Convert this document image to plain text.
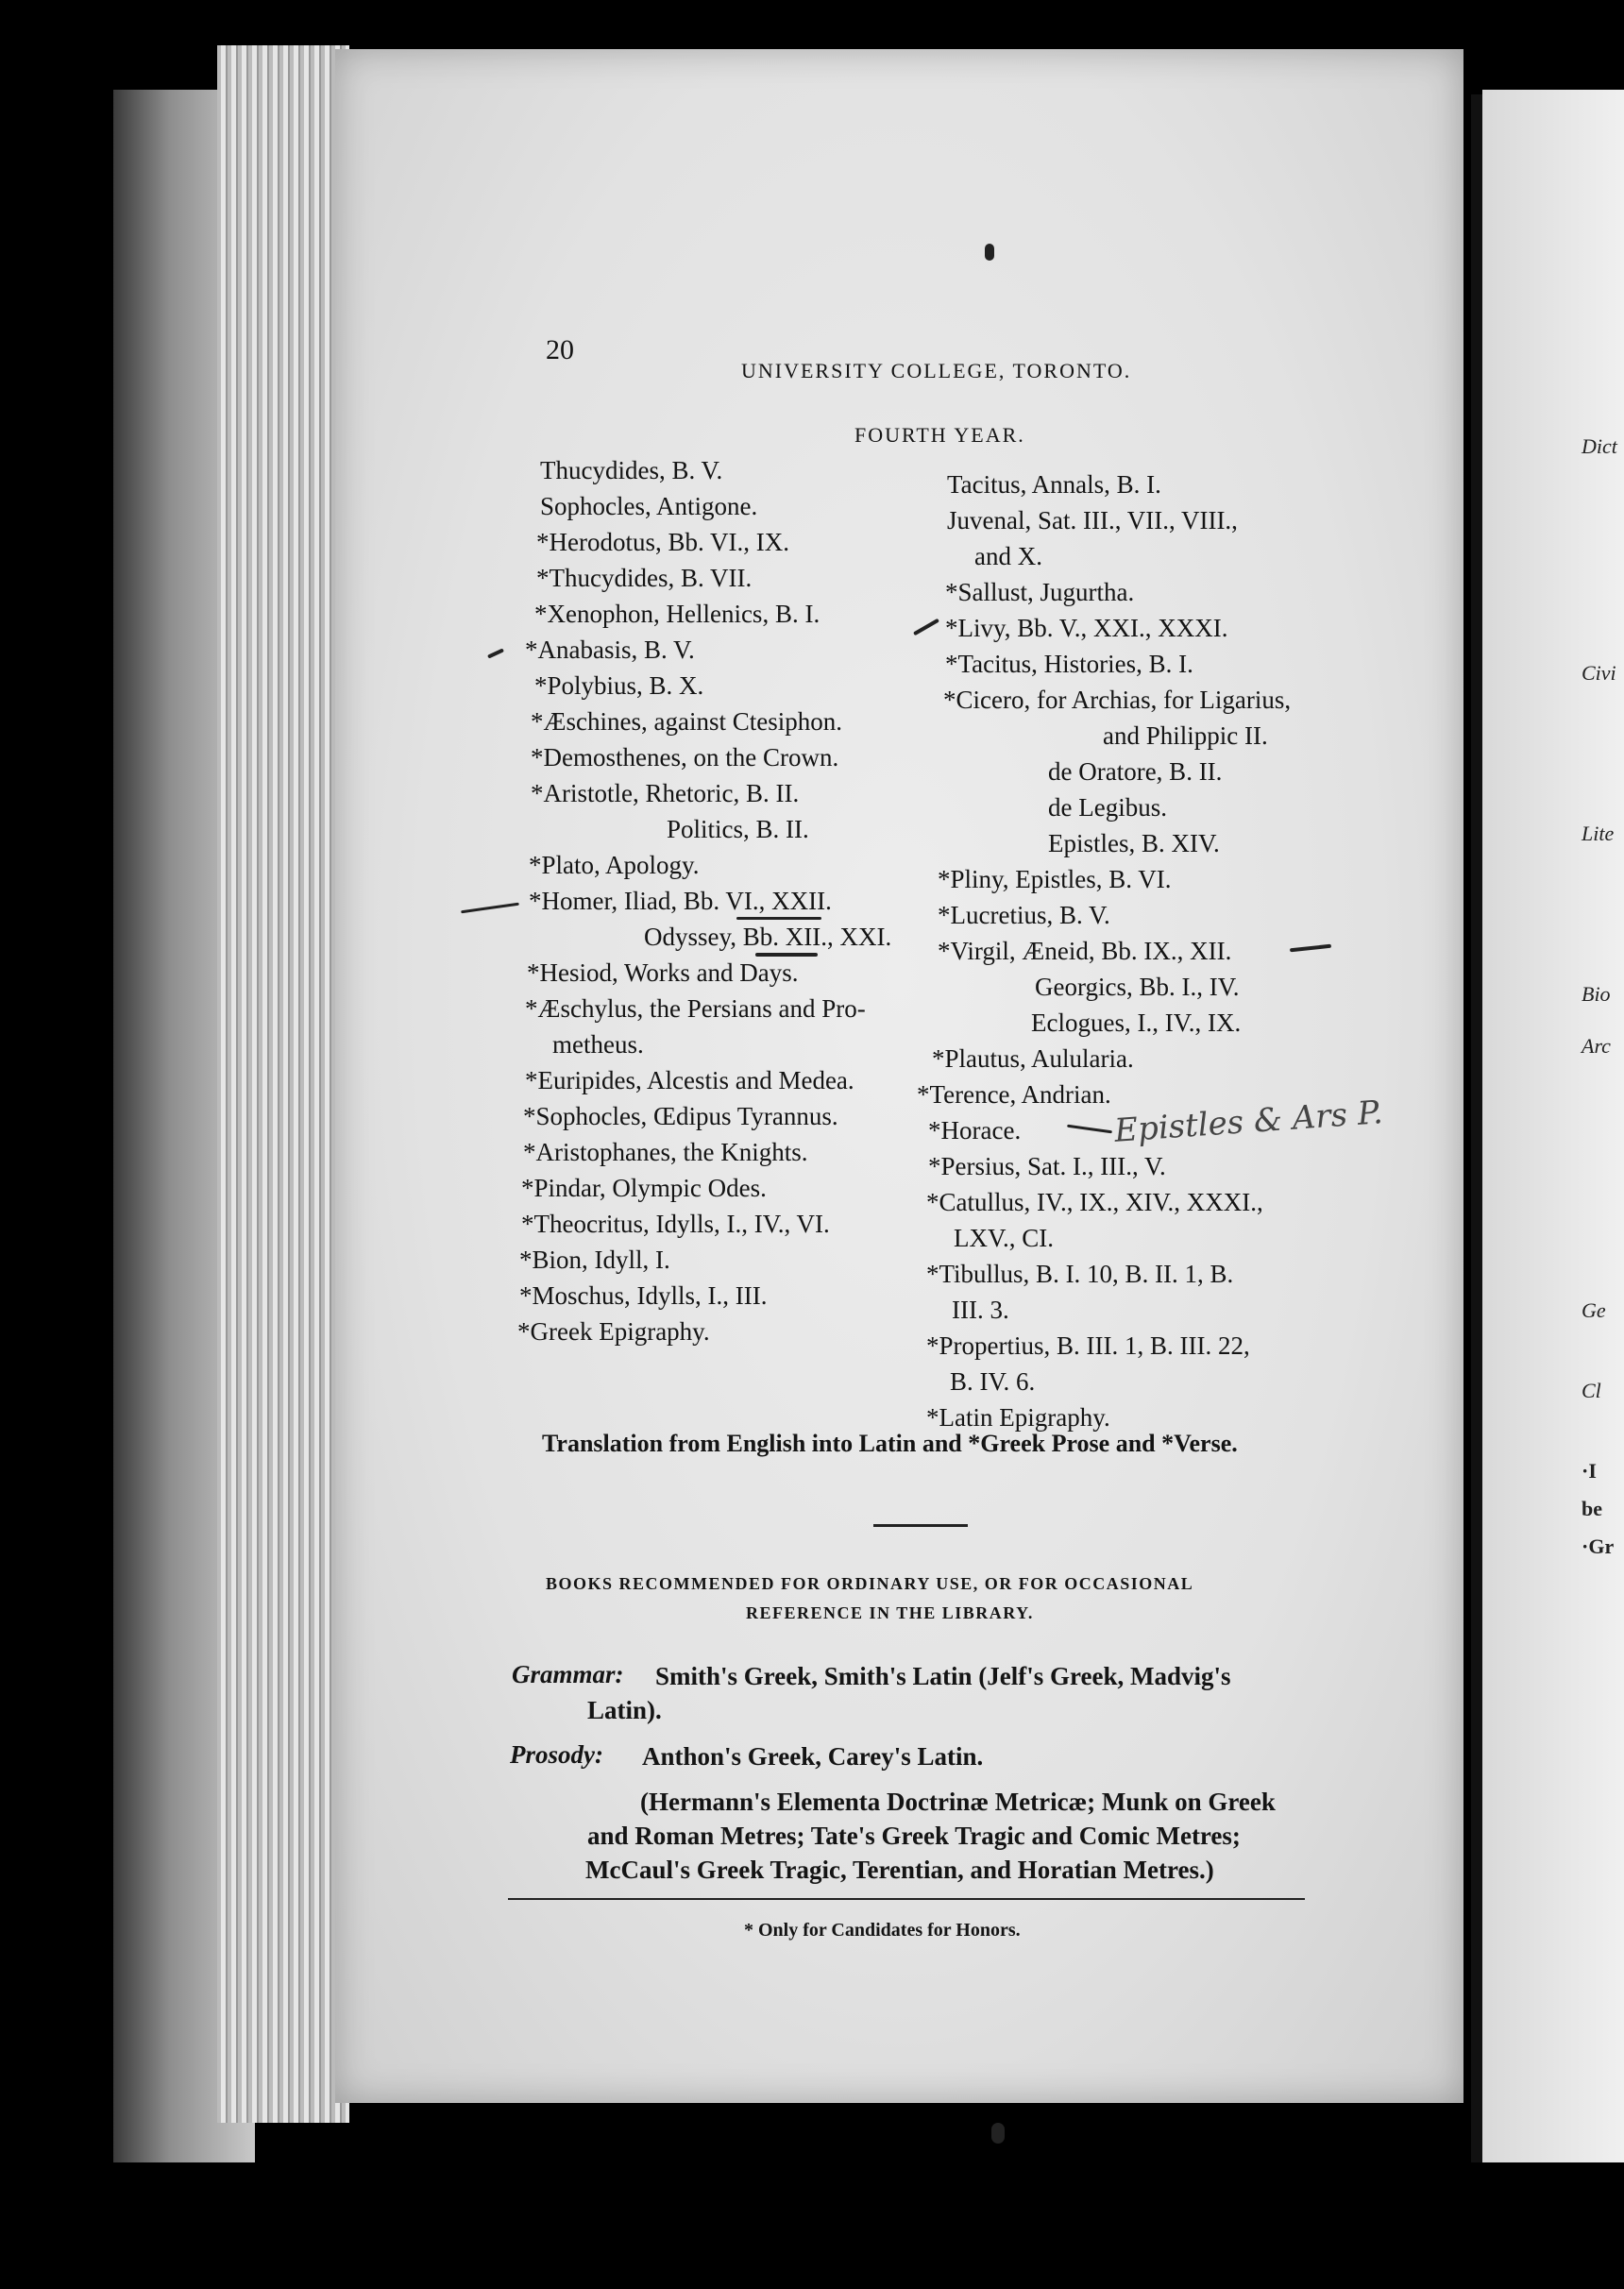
Dict
Civi
Lite
Bio
Arc
Ge
Cl
·I
be
·Gr
20
UNIVERSITY COLLEGE, TORONTO.
FOURTH YEAR.
Thucydides, B. V.
Sophocles, Antigone.
*Herodotus, Bb. VI., IX.
*Thucydides, B. VII.
*Xenophon, Hellenics, B. I.
*Anabasis, B. V.
*Polybius, B. X.
*Æschines, against Ctesiphon.
*Demosthenes, on the Crown.
*Aristotle, Rhetoric, B. II.
Politics, B. II.
*Plato, Apology.
*Homer, Iliad, Bb. VI., XXII.
Odyssey, Bb. XII., XXI.
*Hesiod, Works and Days.
*Æschylus, the Persians and Pro-
metheus.
*Euripides, Alcestis and Medea.
*Sophocles, Œdipus Tyrannus.
*Aristophanes, the Knights.
*Pindar, Olympic Odes.
*Theocritus, Idylls, I., IV., VI.
*Bion, Idyll, I.
*Moschus, Idylls, I., III.
*Greek Epigraphy.
Tacitus, Annals, B. I.
Juvenal, Sat. III., VII., VIII.,
and X.
*Sallust, Jugurtha.
*Livy, Bb. V., XXI., XXXI.
*Tacitus, Histories, B. I.
*Cicero, for Archias, for Ligarius,
and Philippic II.
de Oratore, B. II.
de Legibus.
Epistles, B. XIV.
*Pliny, Epistles, B. VI.
*Lucretius, B. V.
*Virgil, Æneid, Bb. IX., XII.
Georgics, Bb. I., IV.
Eclogues, I., IV., IX.
*Plautus, Aulularia.
*Terence, Andrian.
*Horace.
*Persius, Sat. I., III., V.
*Catullus, IV., IX., XIV., XXXI.,
LXV., CI.
*Tibullus, B. I. 10, B. II. 1, B.
III. 3.
*Propertius, B. III. 1, B. III. 22,
B. IV. 6.
*Latin Epigraphy.
Epistles & Ars P.
Translation from English into Latin and *Greek Prose and *Verse.
BOOKS RECOMMENDED FOR ORDINARY USE, OR FOR OCCASIONAL
REFERENCE IN THE LIBRARY.
Grammar: Smith's Greek, Smith's Latin (Jelf's Greek, Madvig's
Latin).
Prosody: Anthon's Greek, Carey's Latin.
(Hermann's Elementa Doctrinæ Metricæ; Munk on Greek
and Roman Metres; Tate's Greek Tragic and Comic Metres;
McCaul's Greek Tragic, Terentian, and Horatian Metres.)
* Only for Candidates for Honors.
